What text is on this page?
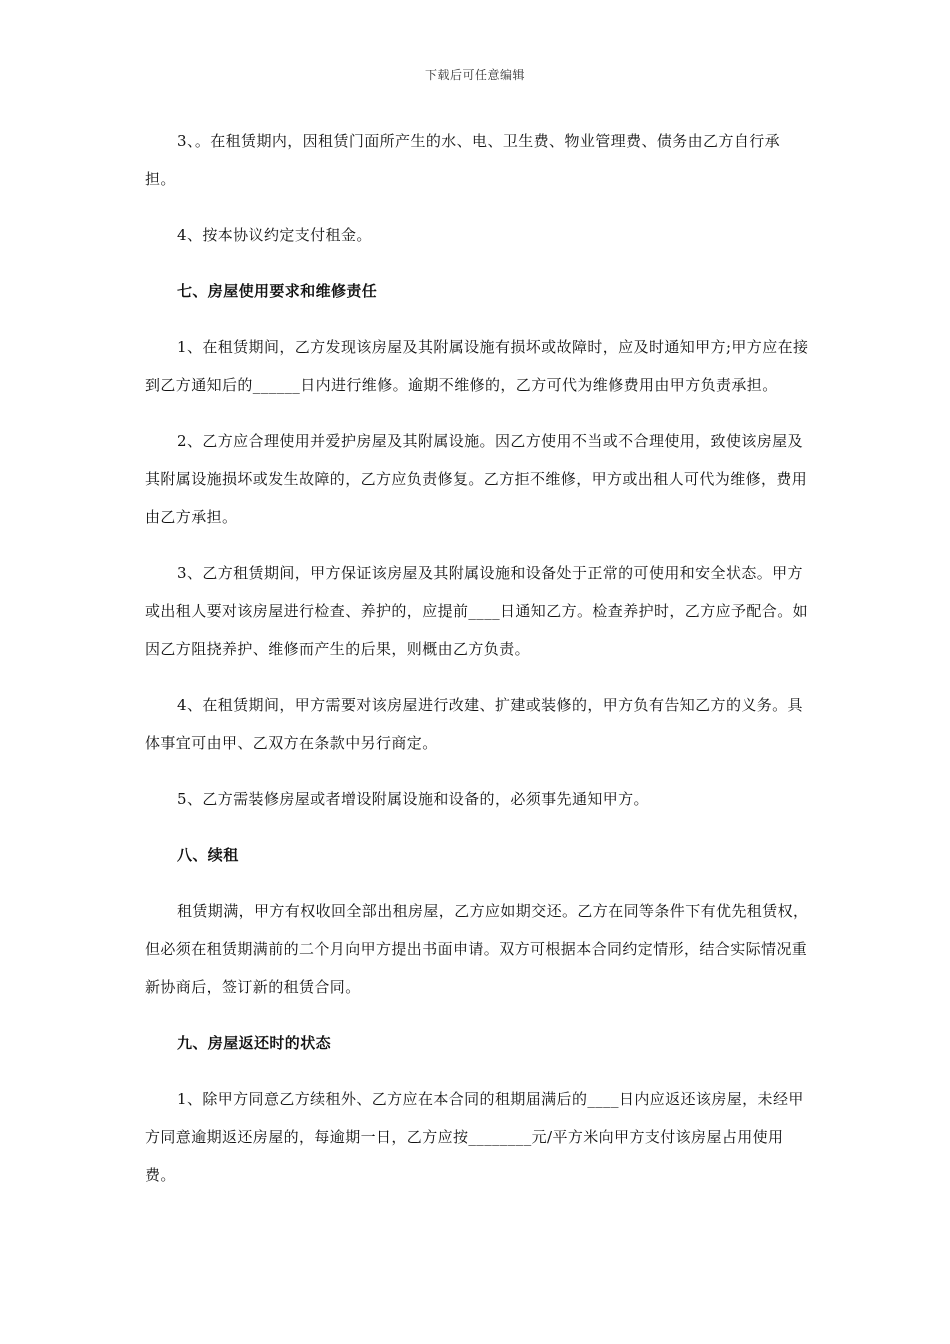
下载后可任意编辑

3、。在租赁期内，因租赁门面所产生的水、电、卫生费、物业管理费、债务由乙方自行承担。

4、按本协议约定支付租金。

七、房屋使用要求和维修责任

1、在租赁期间，乙方发现该房屋及其附属设施有损坏或故障时，应及时通知甲方;甲方应在接到乙方通知后的______日内进行维修。逾期不维修的，乙方可代为维修费用由甲方负责承担。

2、乙方应合理使用并爱护房屋及其附属设施。因乙方使用不当或不合理使用，致使该房屋及其附属设施损坏或发生故障的，乙方应负责修复。乙方拒不维修，甲方或出租人可代为维修，费用由乙方承担。

3、乙方租赁期间，甲方保证该房屋及其附属设施和设备处于正常的可使用和安全状态。甲方或出租人要对该房屋进行检查、养护的，应提前____日通知乙方。检查养护时，乙方应予配合。如因乙方阻挠养护、维修而产生的后果，则概由乙方负责。

4、在租赁期间，甲方需要对该房屋进行改建、扩建或装修的，甲方负有告知乙方的义务。具体事宜可由甲、乙双方在条款中另行商定。

5、乙方需装修房屋或者增设附属设施和设备的，必须事先通知甲方。

八、续租

租赁期满，甲方有权收回全部出租房屋，乙方应如期交还。乙方在同等条件下有优先租赁权，但必须在租赁期满前的二个月向甲方提出书面申请。双方可根据本合同约定情形，结合实际情况重新协商后，签订新的租赁合同。

九、房屋返还时的状态

1、除甲方同意乙方续租外、乙方应在本合同的租期届满后的____日内应返还该房屋，未经甲方同意逾期返还房屋的，每逾期一日，乙方应按________元/平方米向甲方支付该房屋占用使用费。
